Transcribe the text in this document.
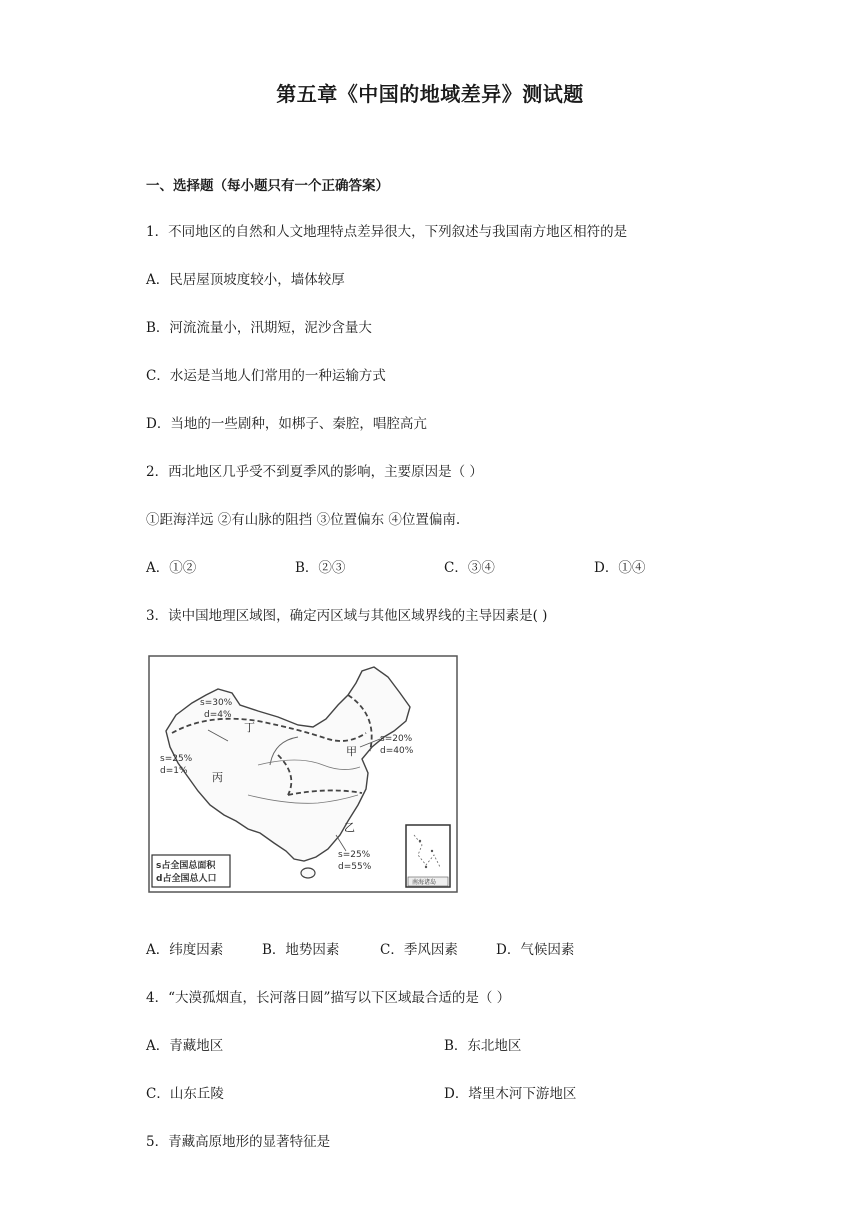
第五章《中国的地域差异》测试题
一、选择题（每小题只有一个正确答案）
1．不同地区的自然和人文地理特点差异很大，下列叙述与我国南方地区相符的是
A．民居屋顶坡度较小，墙体较厚
B．河流流量小，汛期短，泥沙含量大
C．水运是当地人们常用的一种运输方式
D．当地的一些剧种，如梆子、秦腔，唱腔高亢
2．西北地区几乎受不到夏季风的影响，主要原因是（ ）
①距海洋远 ②有山脉的阻挡 ③位置偏东 ④位置偏南.
A．①②	B．②③	C．③④	D．①④
3．读中国地理区域图，确定丙区域与其他区域界线的主导因素是( )
丁
甲
丙
乙
s=30%
d=4%
s=25%
d=1%
s=20%
d=40%
s=25%
d=55%
s占全国总面积
d占全国总人口	南海诸岛
A．纬度因素	B．地势因素	C．季风因素	D．气候因素
4．“大漠孤烟直，长河落日圆”描写以下区域最合适的是（ ）
A．青藏地区	B．东北地区
C．山东丘陵	D．塔里木河下游地区
5．青藏高原地形的显著特征是
